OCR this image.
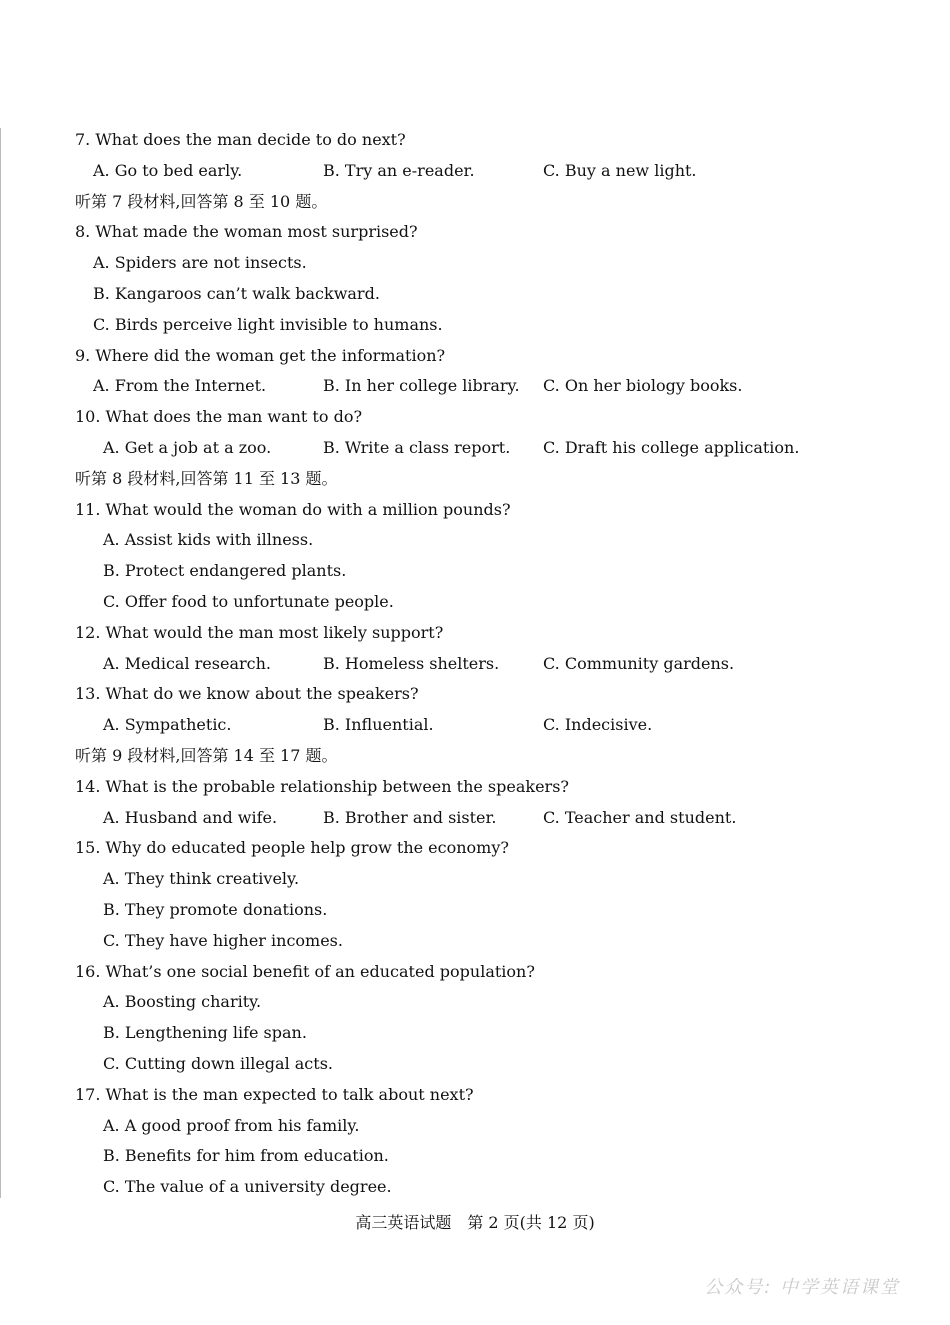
7. What does the man decide to do next?
A. Go to bed early.	B. Try an e-reader.	C. Buy a new light.
听第 7 段材料,回答第 8 至 10 题。
8. What made the woman most surprised?
A. Spiders are not insects.
B. Kangaroos can’t walk backward.
C. Birds perceive light invisible to humans.
9. Where did the woman get the information?
A. From the Internet.	B. In her college library. C. On her biology books.
10. What does the man want to do?
A. Get a job at a zoo.	B. Write a class report. C. Draft his college application.
听第 8 段材料,回答第 11 至 13 题。
11. What would the woman do with a million pounds?
A. Assist kids with illness.
B. Protect endangered plants.
C. Offer food to unfortunate people.
12. What would the man most likely support?
A. Medical research.	B. Homeless shelters.	C. Community gardens.
13. What do we know about the speakers?
A. Sympathetic.	B. Influential.	C. Indecisive.
听第 9 段材料,回答第 14 至 17 题。
14. What is the probable relationship between the speakers?
A. Husband and wife.	B. Brother and sister.	C. Teacher and student.
15. Why do educated people help grow the economy?
A. They think creatively.
B. They promote donations.
C. They have higher incomes.
16. What’s one social benefit of an educated population?
A. Boosting charity.
B. Lengthening life span.
C. Cutting down illegal acts.
17. What is the man expected to talk about next?
A. A good proof from his family.
B. Benefits for him from education.
C. The value of a university degree.
高三英语试题　第 2 页(共 12 页)
公众号: 中学英语课堂
